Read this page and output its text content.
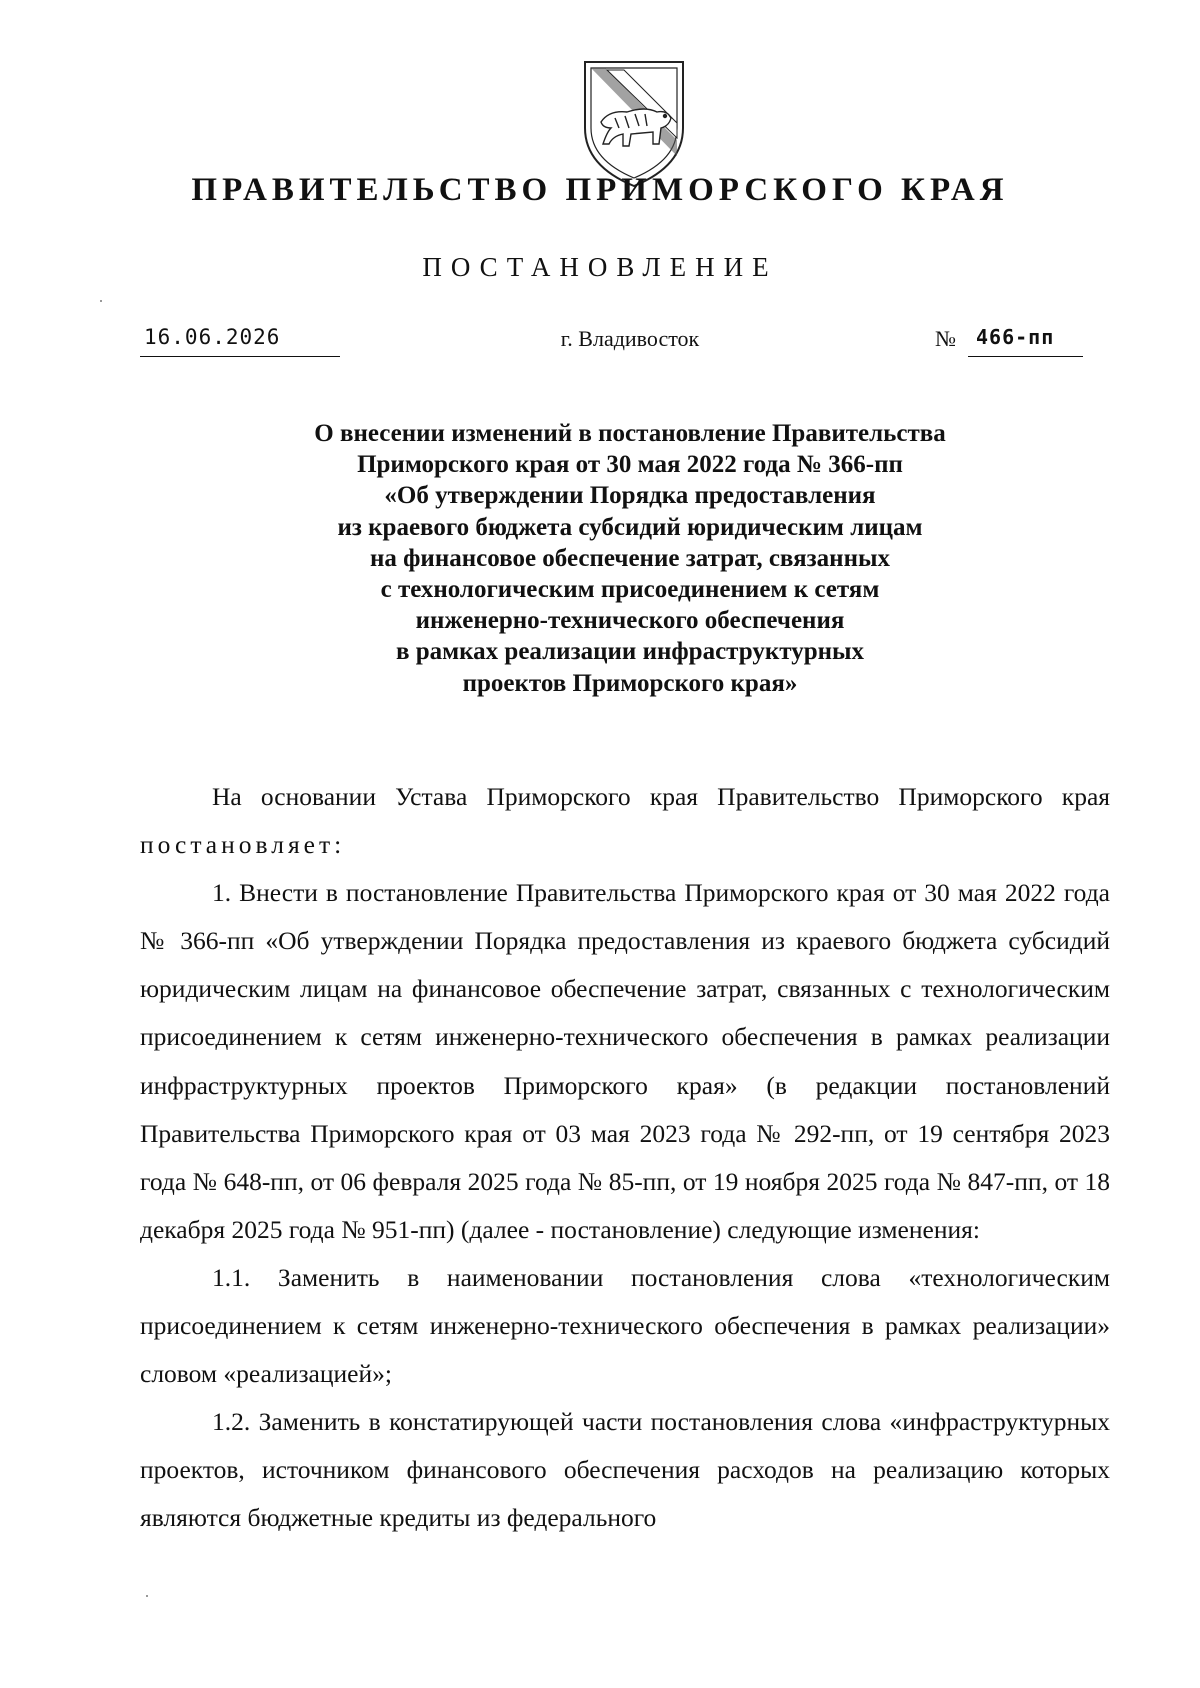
ПРАВИТЕЛЬСТВО ПРИМОРСКОГО КРАЯ
ПОСТАНОВЛЕНИЕ
16.06.2026	г. Владивосток	№	466-пп
О внесении изменений в постановление Правительства
Приморского края от 30 мая 2022 года № 366-пп
«Об утверждении Порядка предоставления
из краевого бюджета субсидий юридическим лицам
на финансовое обеспечение затрат, связанных
с технологическим присоединением к сетям
инженерно-технического обеспечения
в рамках реализации инфраструктурных
проектов Приморского края»

На основании Устава Приморского края Правительство Приморского края постановляет:

1. Внести в постановление Правительства Приморского края от 30 мая 2022 года № 366-пп «Об утверждении Порядка предоставления из краевого бюджета субсидий юридическим лицам на финансовое обеспечение затрат, связанных с технологическим присоединением к сетям инженерно-технического обеспечения в рамках реализации инфраструктурных проектов Приморского края» (в редакции постановлений Правительства Приморского края от 03 мая 2023 года № 292-пп, от 19 сентября 2023 года № 648-пп, от 06 февраля 2025 года № 85-пп, от 19 ноября 2025 года № 847-пп, от 18 декабря 2025 года № 951-пп) (далее - постановление) следующие изменения:

1.1. Заменить в наименовании постановления слова «технологическим присоединением к сетям инженерно-технического обеспечения в рамках реализации» словом «реализацией»;

1.2. Заменить в констатирующей части постановления слова «инфраструктурных проектов, источником финансового обеспечения расходов на реализацию которых являются бюджетные кредиты из федерального
